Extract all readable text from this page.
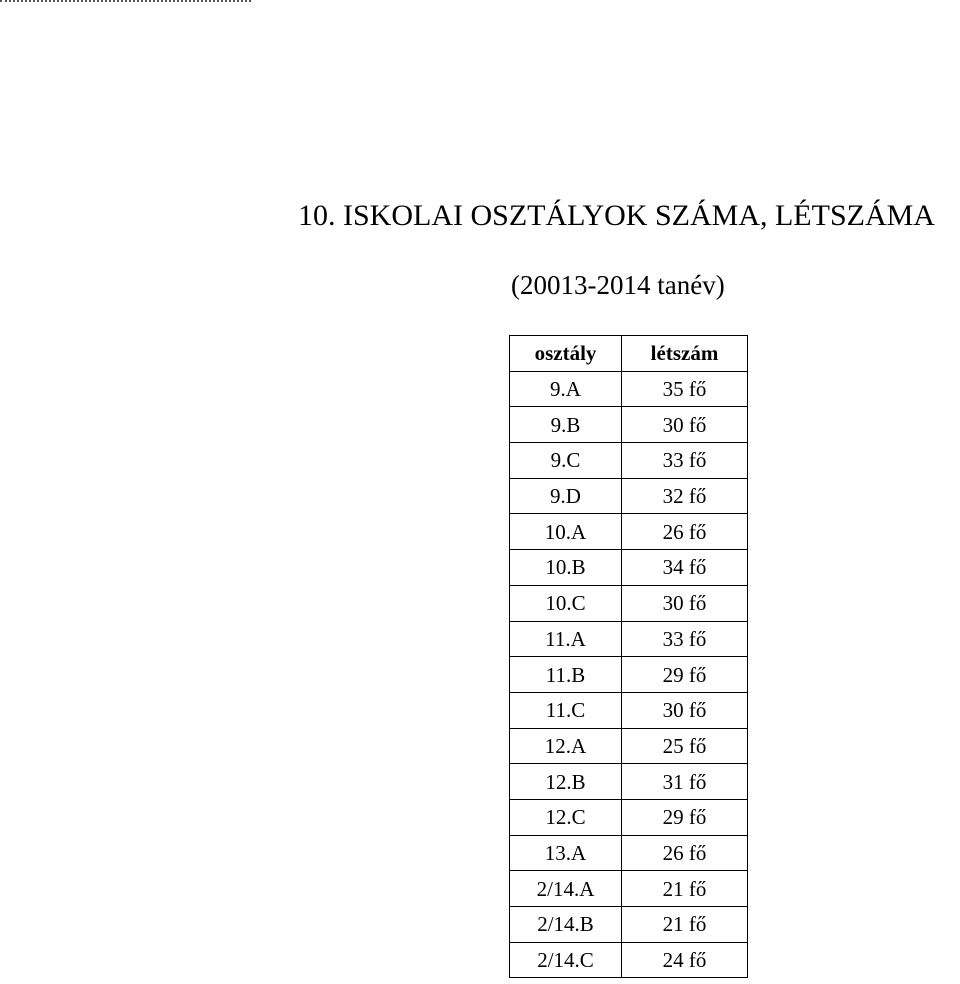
10. ISKOLAI OSZTÁLYOK SZÁMA, LÉTSZÁMA

(20013-2014 tanév)

osztály	létszám
9.A	35 fő
9.B	30 fő
9.C	33 fő
9.D	32 fő
10.A	26 fő
10.B	34 fő
10.C	30 fő
11.A	33 fő
11.B	29 fő
11.C	30 fő
12.A	25 fő
12.B	31 fő
12.C	29 fő
13.A	26 fő
2/14.A	21 fő
2/14.B	21 fő
2/14.C	24 fő
